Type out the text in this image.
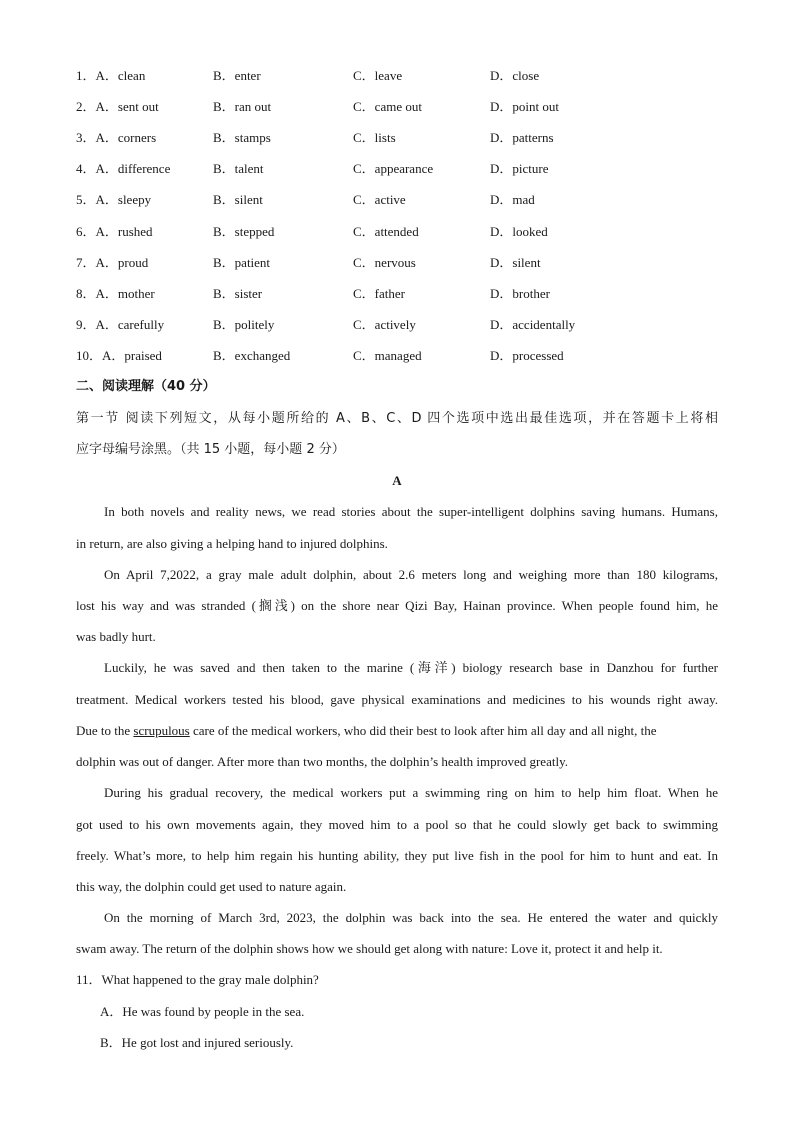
1．A．clean	B．enter	C．leave	D．close
2．A．sent out	B．ran out	C．came out	D．point out
3．A．corners	B．stamps	C．lists	D．patterns
4．A．difference	B．talent	C．appearance	D．picture
5．A．sleepy	B．silent	C．active	D．mad
6．A．rushed	B．stepped	C．attended	D．looked
7．A．proud	B．patient	C．nervous	D．silent
8．A．mother	B．sister	C．father	D．brother
9．A．carefully	B．politely	C．actively	D．accidentally
10．A．praised	B．exchanged	C．managed	D．processed
二、阅读理解（40 分）
第一节 阅读下列短文，从每小题所给的 A、B、C、D 四个选项中选出最佳选项，并在答题卡上将相
应字母编号涂黑。（共 15 小题，每小题 2 分）
A
In both novels and reality news, we read stories about the super-intelligent dolphins saving humans. Humans,
in return, are also giving a helping hand to injured dolphins.
On April 7,2022, a gray male adult dolphin, about 2.6 meters long and weighing more than 180 kilograms,
lost his way and was stranded (搁浅) on the shore near Qizi Bay, Hainan province. When people found him, he
was badly hurt.
Luckily, he was saved and then taken to the marine (海洋) biology research base in Danzhou for further
treatment. Medical workers tested his blood, gave physical examinations and medicines to his wounds right away.
Due to the scrupulous care of the medical workers, who did their best to look after him all day and all night, the
dolphin was out of danger. After more than two months, the dolphin’s health improved greatly.
During his gradual recovery, the medical workers put a swimming ring on him to help him float. When he
got used to his own movements again, they moved him to a pool so that he could slowly get back to swimming
freely. What’s more, to help him regain his hunting ability, they put live fish in the pool for him to hunt and eat. In
this way, the dolphin could get used to nature again.
On the morning of March 3rd, 2023, the dolphin was back into the sea. He entered the water and quickly
swam away. The return of the dolphin shows how we should get along with nature: Love it, protect it and help it.
11．What happened to the gray male dolphin?
A．He was found by people in the sea.
B．He got lost and injured seriously.
